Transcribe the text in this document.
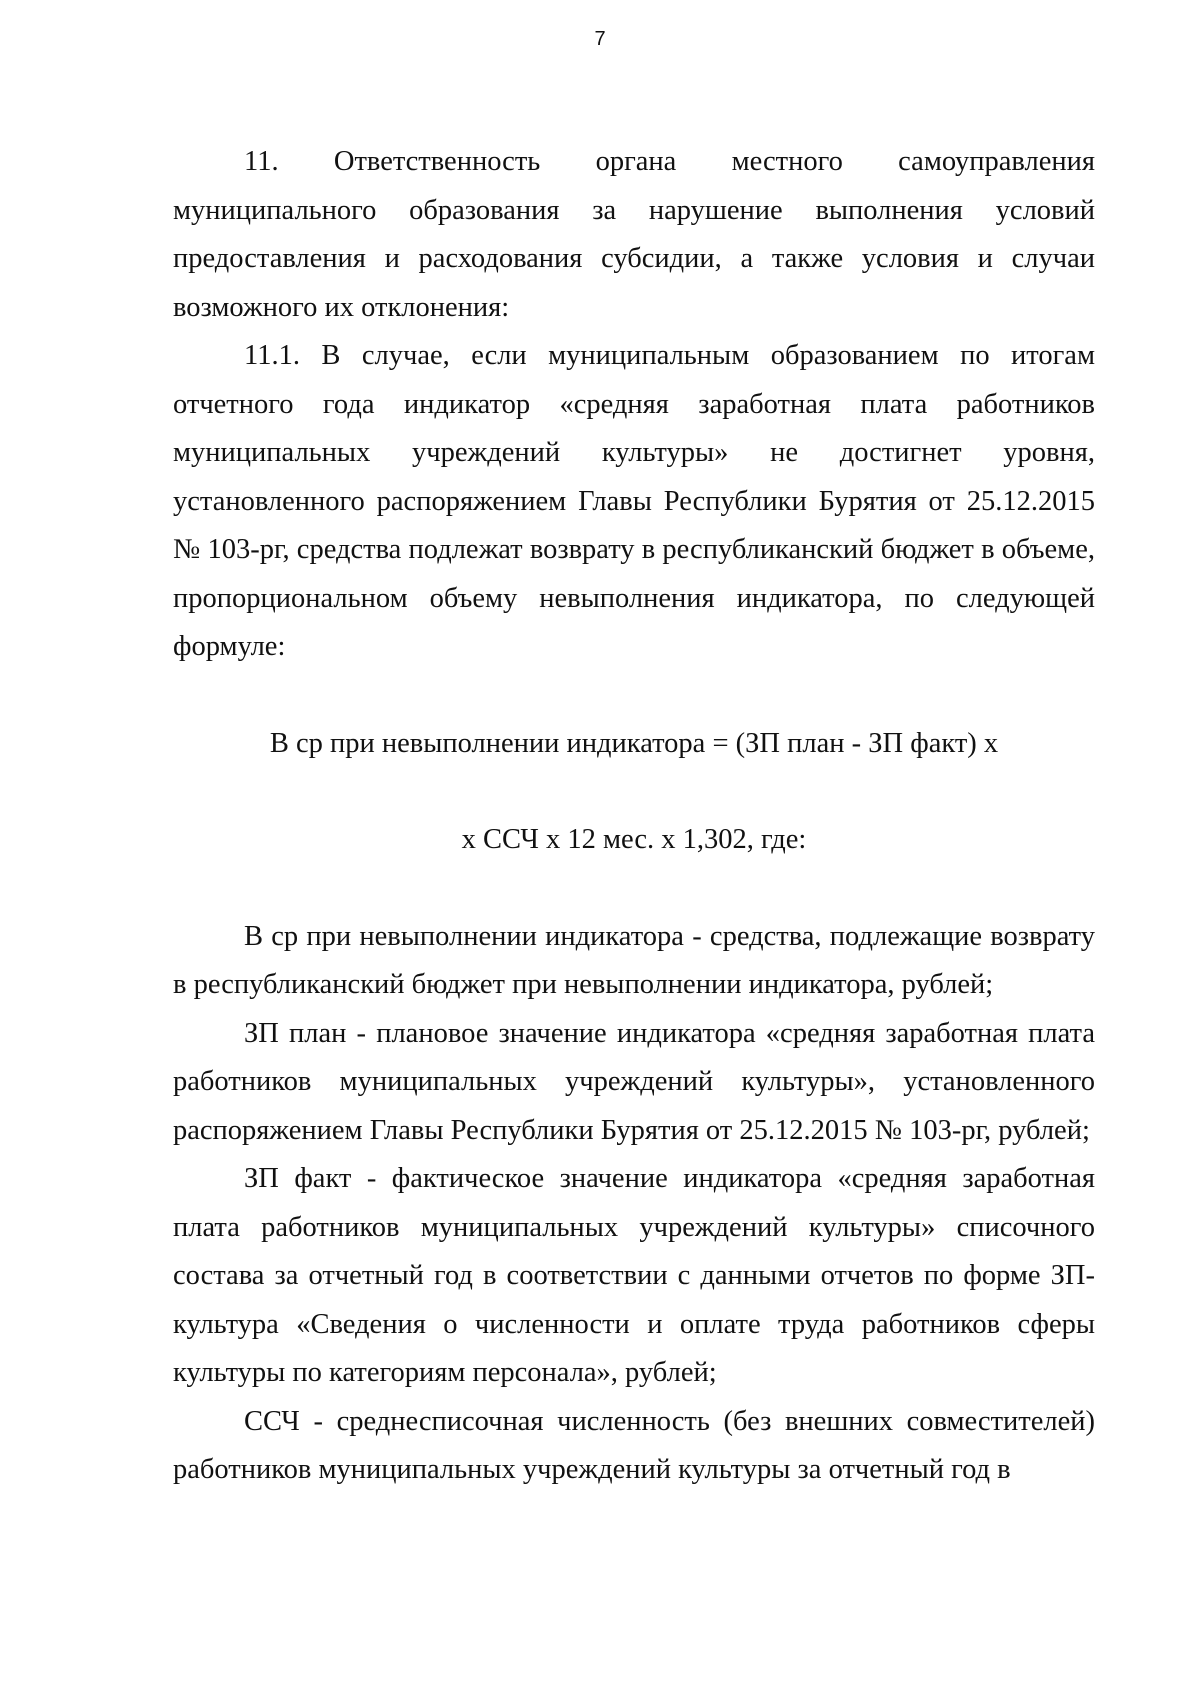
7

11. Ответственность органа местного самоуправления муниципального образования за нарушение выполнения условий предоставления и расходования субсидии, а также условия и случаи возможного их отклонения:

11.1. В случае, если муниципальным образованием по итогам отчетного года индикатор «средняя заработная плата работников муниципальных учреждений культуры» не достигнет уровня, установленного распоряжением Главы Республики Бурятия от 25.12.2015 № 103-рг, средства подлежат возврату в республиканский бюджет в объеме, пропорциональном объему невыполнения индикатора, по следующей формуле:

В ср при невыполнении индикатора = (ЗП план - ЗП факт) х

х ССЧ х 12 мес. х 1,302, где:

В ср при невыполнении индикатора - средства, подлежащие возврату в республиканский бюджет при невыполнении индикатора, рублей;

ЗП план - плановое значение индикатора «средняя заработная плата работников муниципальных учреждений культуры», установленного распоряжением Главы Республики Бурятия от 25.12.2015 № 103-рг, рублей;

ЗП факт - фактическое значение индикатора «средняя заработная плата работников муниципальных учреждений культуры» списочного состава за отчетный год в соответствии с данными отчетов по форме ЗП-культура «Сведения о численности и оплате труда работников сферы культуры по категориям персонала», рублей;

ССЧ - среднесписочная численность (без внешних совместителей) работников муниципальных учреждений культуры за отчетный год в
